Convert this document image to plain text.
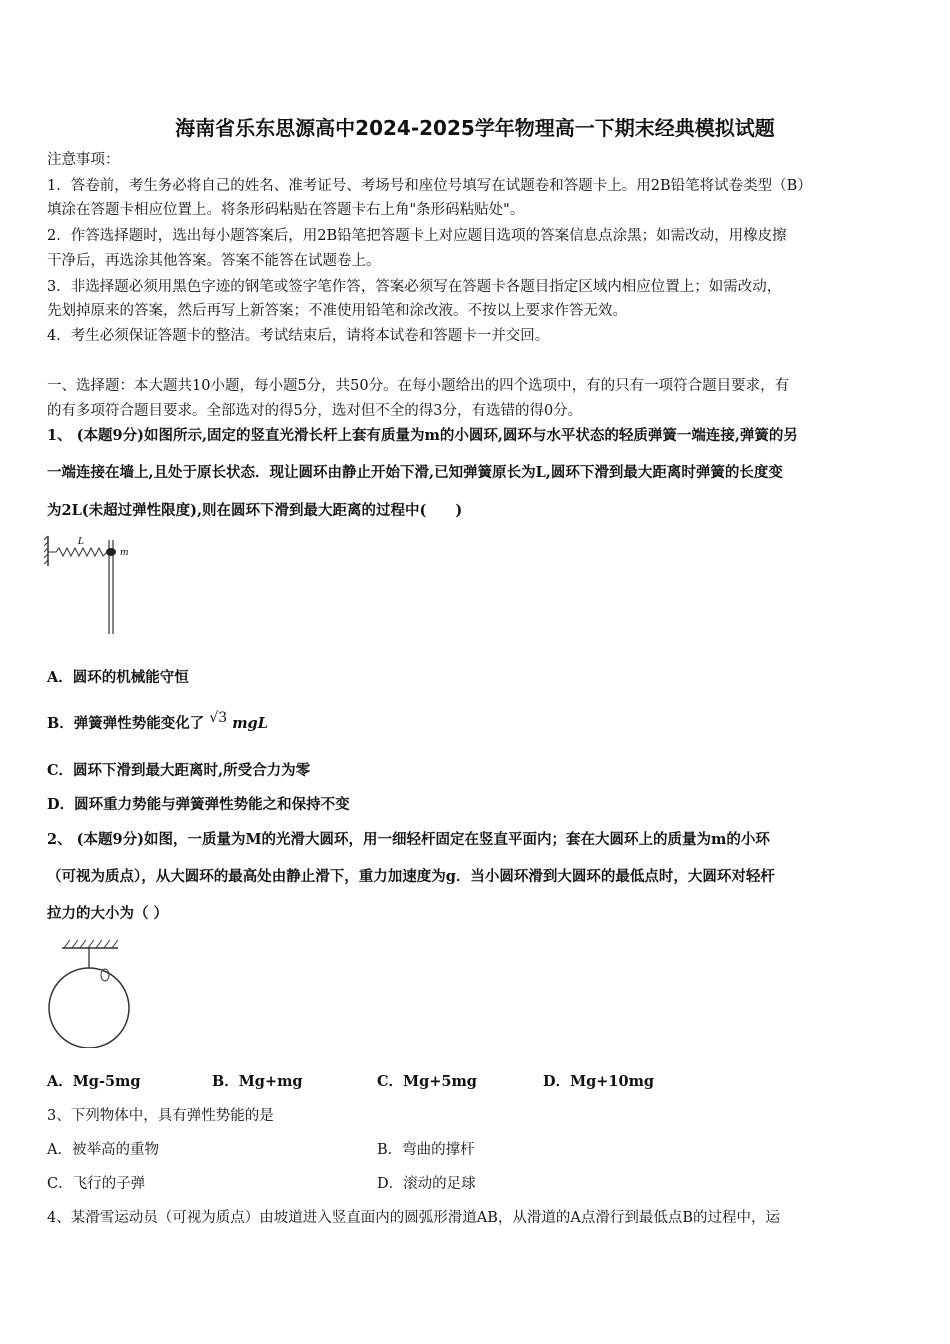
海南省乐东思源高中2024-2025学年物理高一下期末经典模拟试题
注意事项：
1．答卷前，考生务必将自己的姓名、准考证号、考场号和座位号填写在试题卷和答题卡上。用2B铅笔将试卷类型（B）
填涂在答题卡相应位置上。将条形码粘贴在答题卡右上角"条形码粘贴处"。
2．作答选择题时，选出每小题答案后，用2B铅笔把答题卡上对应题目选项的答案信息点涂黑；如需改动，用橡皮擦
干净后，再选涂其他答案。答案不能答在试题卷上。
3．非选择题必须用黑色字迹的钢笔或签字笔作答，答案必须写在答题卡各题目指定区域内相应位置上；如需改动，
先划掉原来的答案，然后再写上新答案；不准使用铅笔和涂改液。不按以上要求作答无效。
4．考生必须保证答题卡的整洁。考试结束后，请将本试卷和答题卡一并交回。
一、选择题：本大题共10小题，每小题5分，共50分。在每小题给出的四个选项中，有的只有一项符合题目要求，有
的有多项符合题目要求。全部选对的得5分，选对但不全的得3分，有选错的得0分。
1、 (本题9分)如图所示,固定的竖直光滑长杆上套有质量为m的小圆环,圆环与水平状态的轻质弹簧一端连接,弹簧的另
一端连接在墙上,且处于原长状态．现让圆环由静止开始下滑,已知弹簧原长为L,圆环下滑到最大距离时弹簧的长度变
为2L(未超过弹性限度),则在圆环下滑到最大距离的过程中(　　)
L
m
A．圆环的机械能守恒
B．弹簧弹性势能变化了 √3 mgL
C．圆环下滑到最大距离时,所受合力为零
D．圆环重力势能与弹簧弹性势能之和保持不变
2、 (本题9分)如图，一质量为M的光滑大圆环，用一细轻杆固定在竖直平面内；套在大圆环上的质量为m的小环
（可视为质点），从大圆环的最高处由静止滑下，重力加速度为g．当小圆环滑到大圆环的最低点时，大圆环对轻杆
拉力的大小为（ ）
A．Mg-5mg	B．Mg+mg	C．Mg+5mg	D．Mg+10mg
3、下列物体中，具有弹性势能的是
A．被举高的重物	B．弯曲的撑杆
C．飞行的子弹	D．滚动的足球
4、某滑雪运动员（可视为质点）由坡道进入竖直面内的圆弧形滑道AB，从滑道的A点滑行到最低点B的过程中，运
